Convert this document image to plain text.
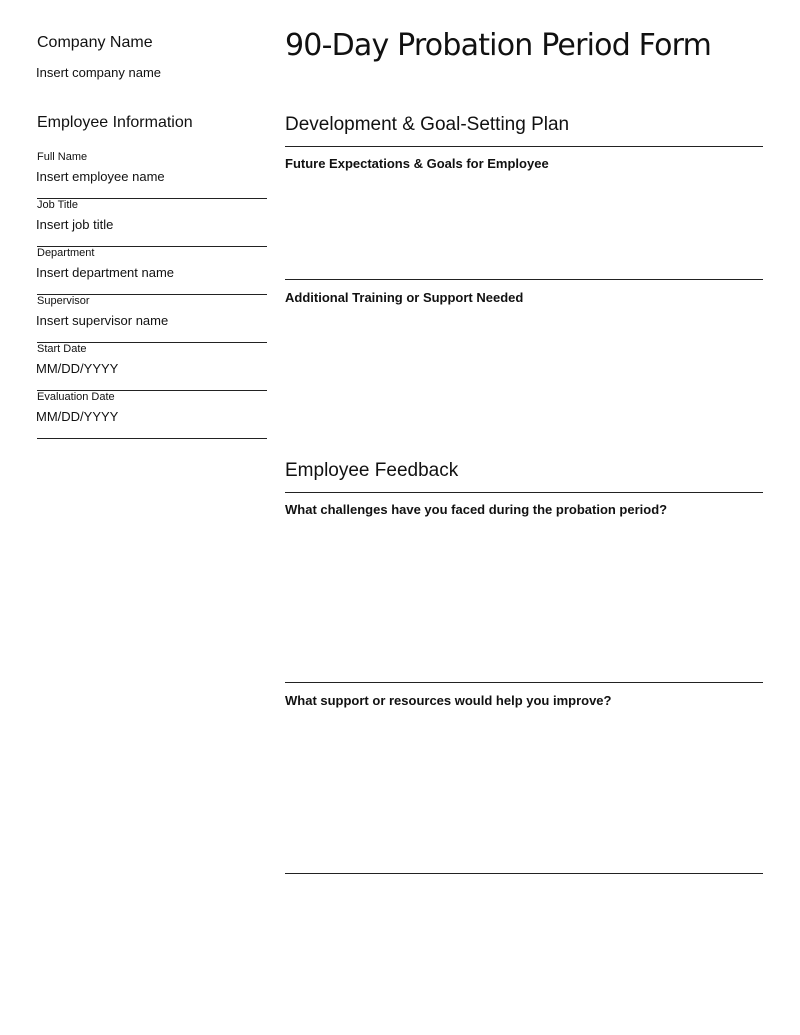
Company Name
Insert company name
Employee Information
Full Name
Insert employee name
Job Title
Insert job title
Department
Insert department name
Supervisor
Insert supervisor name
Start Date
MM/DD/YYYY
Evaluation Date
MM/DD/YYYY
90-Day Probation Period Form
Development & Goal-Setting Plan
Future Expectations & Goals for Employee
Additional Training or Support Needed
Employee Feedback
What challenges have you faced during the probation period?
What support or resources would help you improve?
